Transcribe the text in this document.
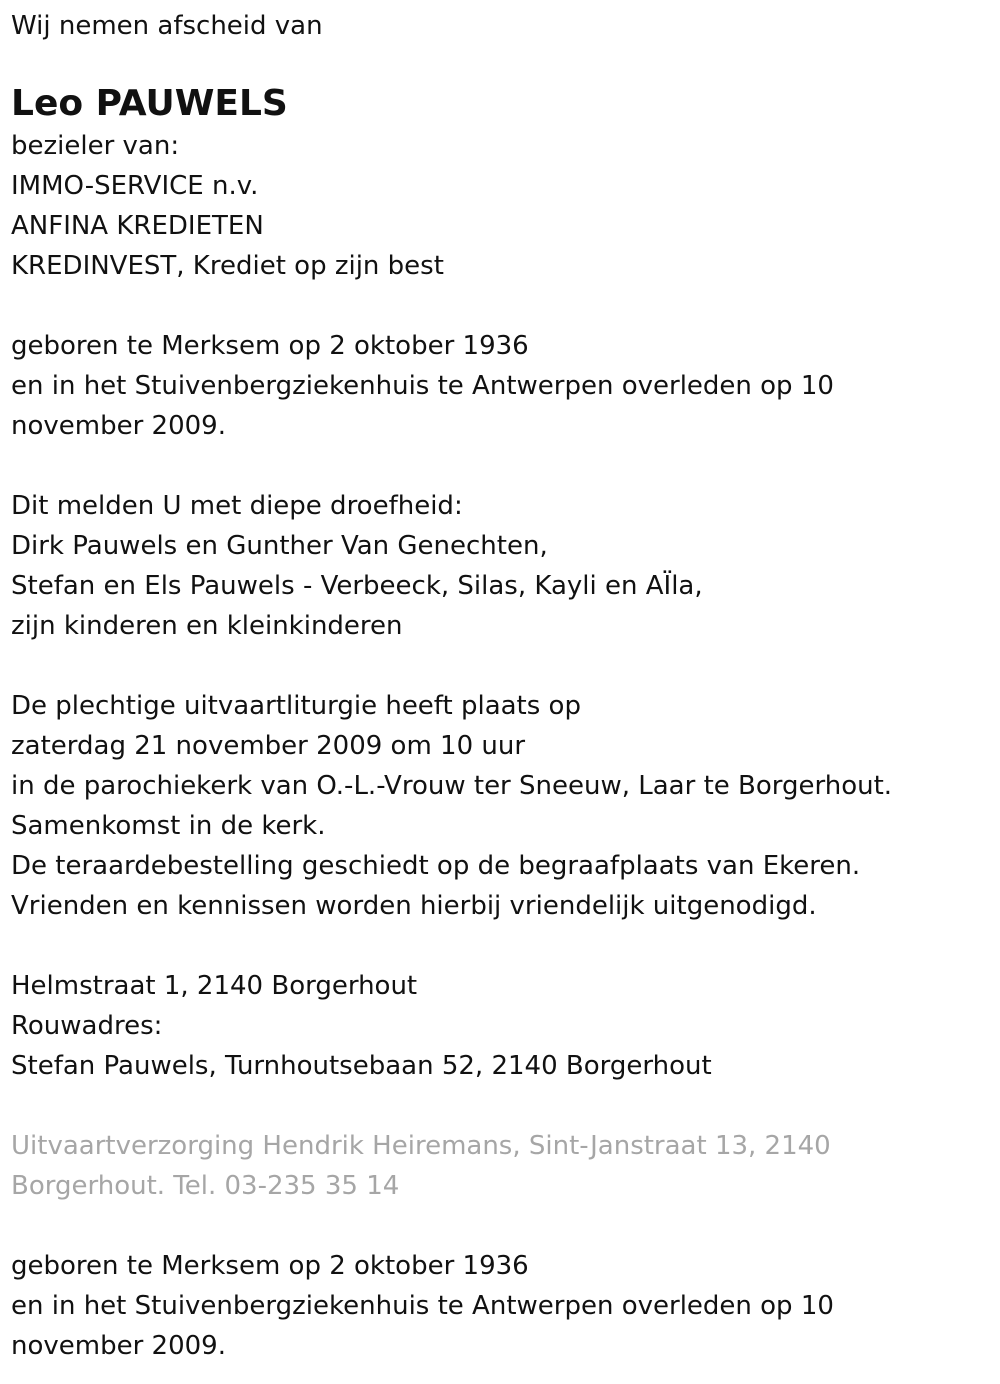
Wij nemen afscheid van

Leo PAUWELS

bezieler van:

IMMO-SERVICE n.v.

ANFINA KREDIETEN

KREDINVEST, Krediet op zijn best

geboren te Merksem op 2 oktober 1936

en in het Stuivenbergziekenhuis te Antwerpen overleden op 10

november 2009.

Dit melden U met diepe droefheid:

Dirk Pauwels en Gunther Van Genechten,

Stefan en Els Pauwels - Verbeeck, Silas, Kayli en AÏla,

zijn kinderen en kleinkinderen

De plechtige uitvaartliturgie heeft plaats op

zaterdag 21 november 2009 om 10 uur

in de parochiekerk van O.-L.-Vrouw ter Sneeuw, Laar te Borgerhout.

Samenkomst in de kerk.

De teraardebestelling geschiedt op de begraafplaats van Ekeren.

Vrienden en kennissen worden hierbij vriendelijk uitgenodigd.

Helmstraat 1, 2140 Borgerhout

Rouwadres:

Stefan Pauwels, Turnhoutsebaan 52, 2140 Borgerhout

Uitvaartverzorging Hendrik Heiremans, Sint-Janstraat 13, 2140

Borgerhout. Tel. 03-235 35 14

geboren te Merksem op 2 oktober 1936

en in het Stuivenbergziekenhuis te Antwerpen overleden op 10

november 2009.
